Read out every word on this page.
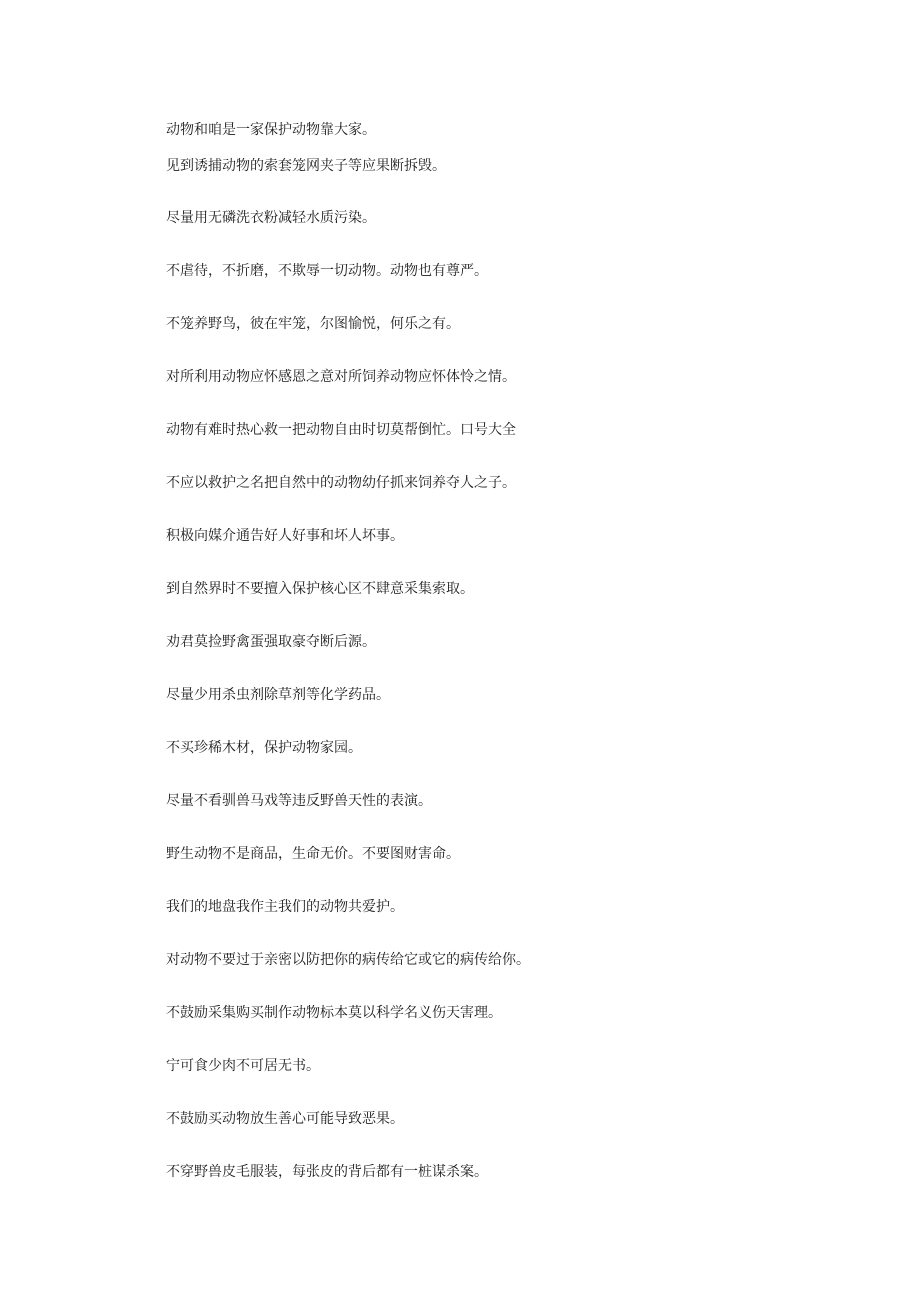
动物和咱是一家保护动物靠大家。

见到诱捕动物的索套笼网夹子等应果断拆毁。

尽量用无磷洗衣粉减轻水质污染。

不虐待，不折磨，不欺辱一切动物。动物也有尊严。

不笼养野鸟，彼在牢笼，尔图愉悦，何乐之有。

对所利用动物应怀感恩之意对所饲养动物应怀体怜之情。

动物有难时热心救一把动物自由时切莫帮倒忙。口号大全

不应以救护之名把自然中的动物幼仔抓来饲养夺人之子。

积极向媒介通告好人好事和坏人坏事。

到自然界时不要擅入保护核心区不肆意采集索取。

劝君莫捡野禽蛋强取豪夺断后源。

尽量少用杀虫剂除草剂等化学药品。

不买珍稀木材，保护动物家园。

尽量不看驯兽马戏等违反野兽天性的表演。

野生动物不是商品，生命无价。不要图财害命。

我们的地盘我作主我们的动物共爱护。

对动物不要过于亲密以防把你的病传给它或它的病传给你。

不鼓励采集购买制作动物标本莫以科学名义伤天害理。

宁可食少肉不可居无书。

不鼓励买动物放生善心可能导致恶果。

不穿野兽皮毛服装，每张皮的背后都有一桩谋杀案。
